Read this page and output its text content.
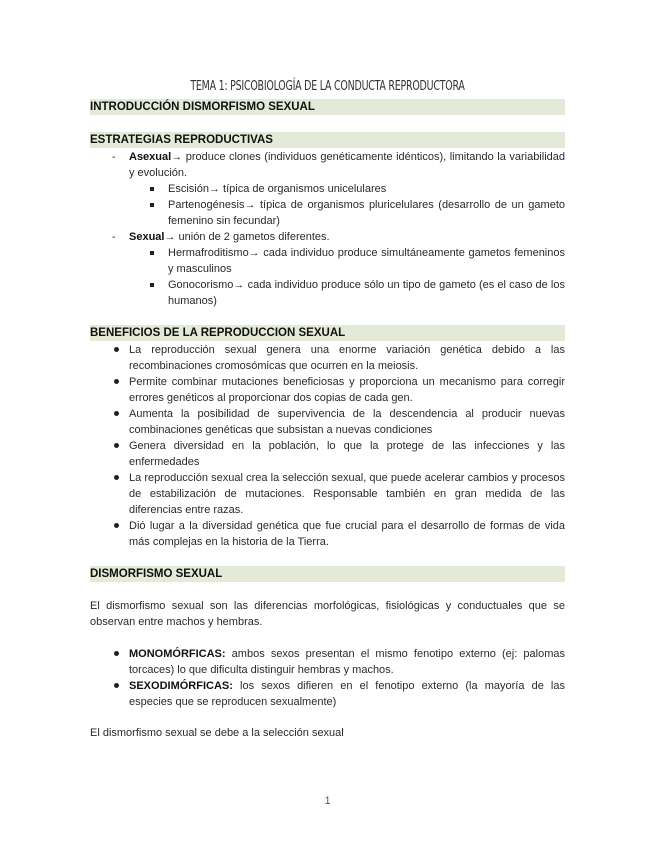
TEMA 1: PSICOBIOLOGÍA DE LA CONDUCTA REPRODUCTORA
INTRODUCCIÓN DISMORFISMO SEXUAL
ESTRATEGIAS REPRODUCTIVAS
- Asexual→ produce clones (individuos genéticamente idénticos), limitando la variabilidad y evolución.
Escisión→ típica de organismos unicelulares
Partenogénesis→ típica de organismos pluricelulares (desarrollo de un gameto femenino sin fecundar)
- Sexual→ unión de 2 gametos diferentes.
Hermafroditismo→ cada individuo produce simultáneamente gametos femeninos y masculinos
Gonocorismo→ cada individuo produce sólo un tipo de gameto (es el caso de los humanos)
BENEFICIOS DE LA REPRODUCCION SEXUAL
La reproducción sexual genera una enorme variación genética debido a las recombinaciones cromosómicas que ocurren en la meiosis.
Permite combinar mutaciones beneficiosas y proporciona un mecanismo para corregir errores genéticos al proporcionar dos copias de cada gen.
Aumenta la posibilidad de supervivencia de la descendencia al producir nuevas combinaciones genéticas que subsistan a nuevas condiciones
Genera diversidad en la población, lo que la protege de las infecciones y las enfermedades
La reproducción sexual crea la selección sexual, que puede acelerar cambios y procesos de estabilización de mutaciones. Responsable también en gran medida de las diferencias entre razas.
Dió lugar a la diversidad genética que fue crucial para el desarrollo de formas de vida más complejas en la historia de la Tierra.
DISMORFISMO SEXUAL
El dismorfismo sexual son las diferencias morfológicas, fisiológicas y conductuales que se observan entre machos y hembras.
MONOMÓRFICAS: ambos sexos presentan el mismo fenotipo externo (ej: palomas torcaces) lo que dificulta distinguir hembras y machos.
SEXODIMÓRFICAS: los sexos difieren en el fenotipo externo (la mayoría de las especies que se reproducen sexualmente)
El dismorfismo sexual se debe a la selección sexual
1
